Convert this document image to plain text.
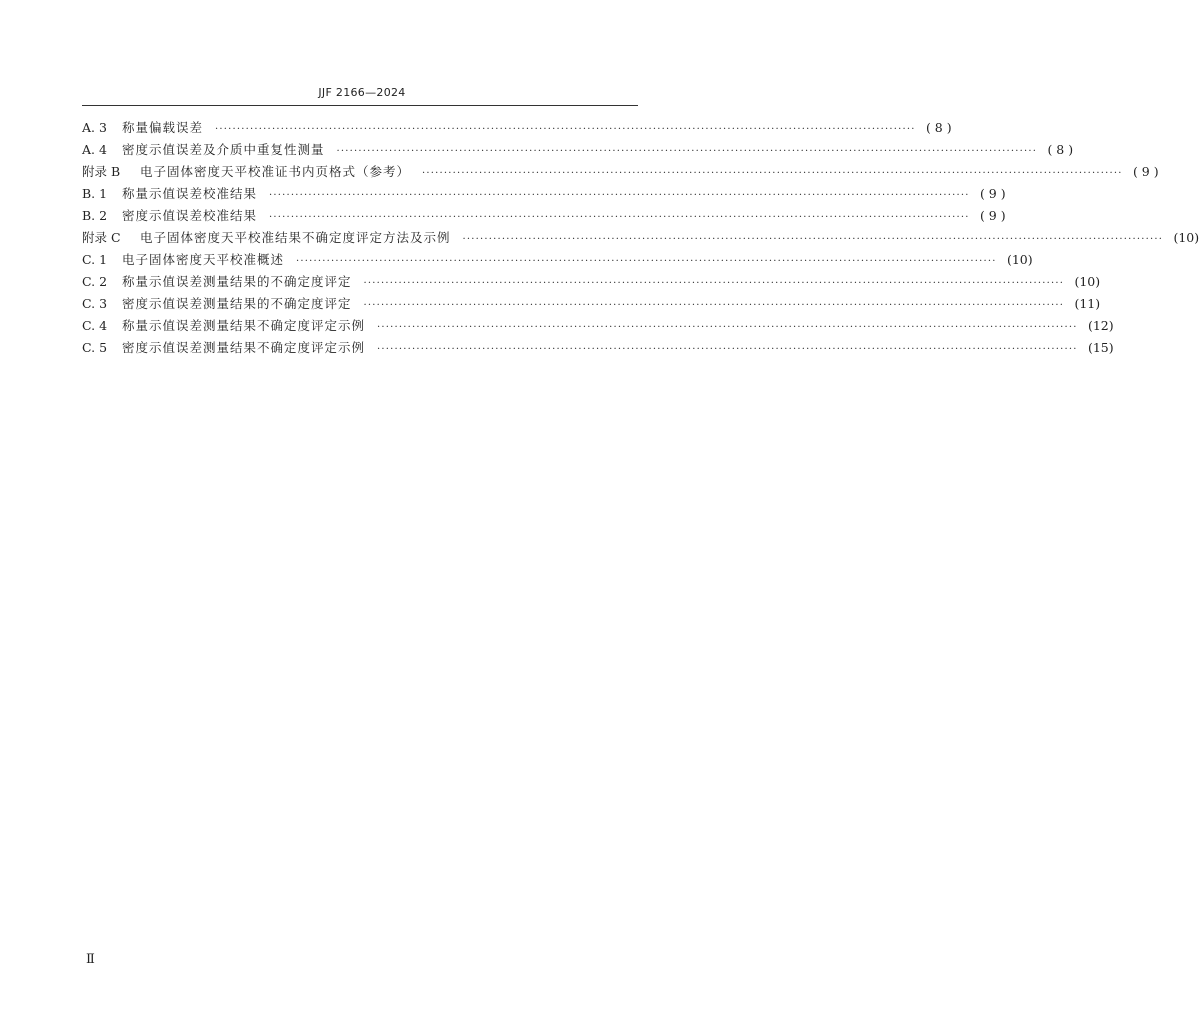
JJF 2166—2024
A. 3	称量偏载误差 ································································································································································ ( 8 )
A. 4	密度示值误差及介质中重复性测量 ································································································································································ ( 8 )
附录 B	电子固体密度天平校准证书内页格式（参考） ································································································································································ ( 9 )
B. 1	称量示值误差校准结果 ································································································································································ ( 9 )
B. 2	密度示值误差校准结果 ································································································································································ ( 9 )
附录 C	电子固体密度天平校准结果不确定度评定方法及示例 ································································································································································ (10)
C. 1	电子固体密度天平校准概述 ································································································································································ (10)
C. 2	称量示值误差测量结果的不确定度评定 ································································································································································ (10)
C. 3	密度示值误差测量结果的不确定度评定 ································································································································································ (11)
C. 4	称量示值误差测量结果不确定度评定示例 ································································································································································ (12)
C. 5	密度示值误差测量结果不确定度评定示例 ································································································································································ (15)
Ⅱ
